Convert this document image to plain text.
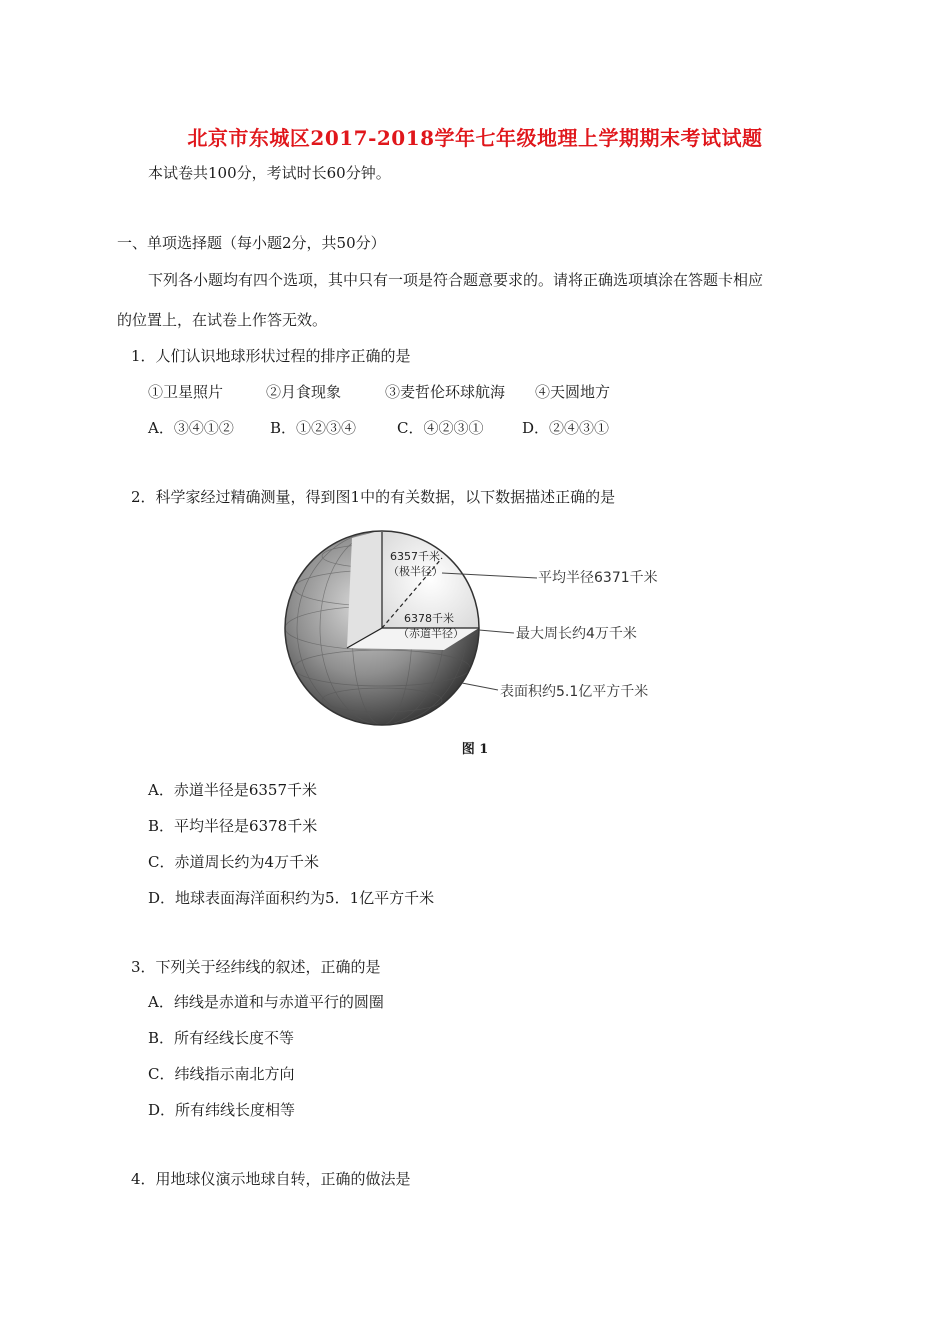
北京市东城区2017-2018学年七年级地理上学期期末考试试题
本试卷共100分，考试时长60分钟。
一、单项选择题（每小题2分，共50分）
下列各小题均有四个选项，其中只有一项是符合题意要求的。请将正确选项填涂在答题卡相应
的位置上，在试卷上作答无效。
1．人们认识地球形状过程的排序正确的是
①卫星照片	②月食现象	③麦哲伦环球航海 ④天圆地方
A．③④①② B．①②③④	C．④②③①	D．②④③①
2．科学家经过精确测量，得到图1中的有关数据，以下数据描述正确的是
6357千米
（极半径）
6378千米
（赤道半径）
平均半径6371千米
最大周长约4万千米
表面积约5.1亿平方千米
图 1
A．赤道半径是6357千米
B．平均半径是6378千米
C．赤道周长约为4万千米
D．地球表面海洋面积约为5．1亿平方千米
3．下列关于经纬线的叙述，正确的是
A．纬线是赤道和与赤道平行的圆圈
B．所有经线长度不等
C．纬线指示南北方向
D．所有纬线长度相等
4．用地球仪演示地球自转，正确的做法是
